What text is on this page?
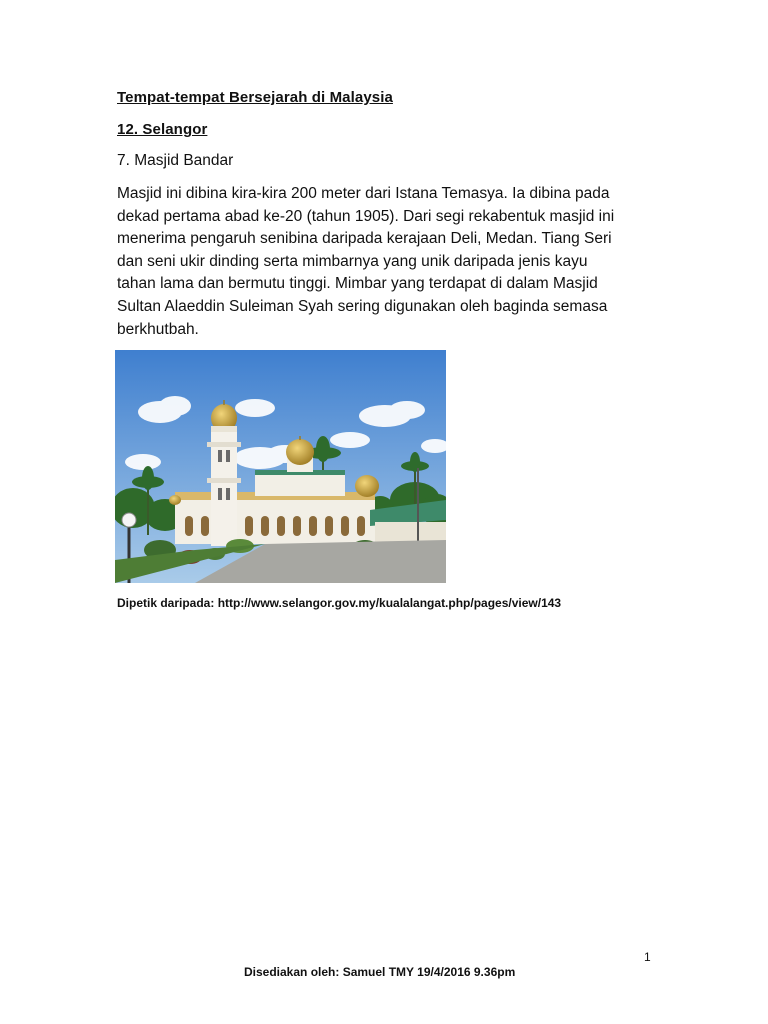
Tempat-tempat Bersejarah di Malaysia
12. Selangor
7. Masjid Bandar
Masjid ini dibina kira-kira 200 meter dari Istana Temasya. Ia dibina pada
dekad pertama abad ke-20 (tahun 1905). Dari segi rekabentuk masjid ini
menerima pengaruh senibina daripada kerajaan Deli, Medan. Tiang Seri
dan seni ukir dinding serta mimbarnya yang unik daripada jenis kayu
tahan lama dan bermutu tinggi. Mimbar yang terdapat di dalam Masjid
Sultan Alaeddin Suleiman Syah sering digunakan oleh baginda semasa
berkhutbah.
Dipetik daripada: http://www.selangor.gov.my/kualalangat.php/pages/view/143
1
Disediakan oleh: Samuel TMY 19/4/2016 9.36pm
